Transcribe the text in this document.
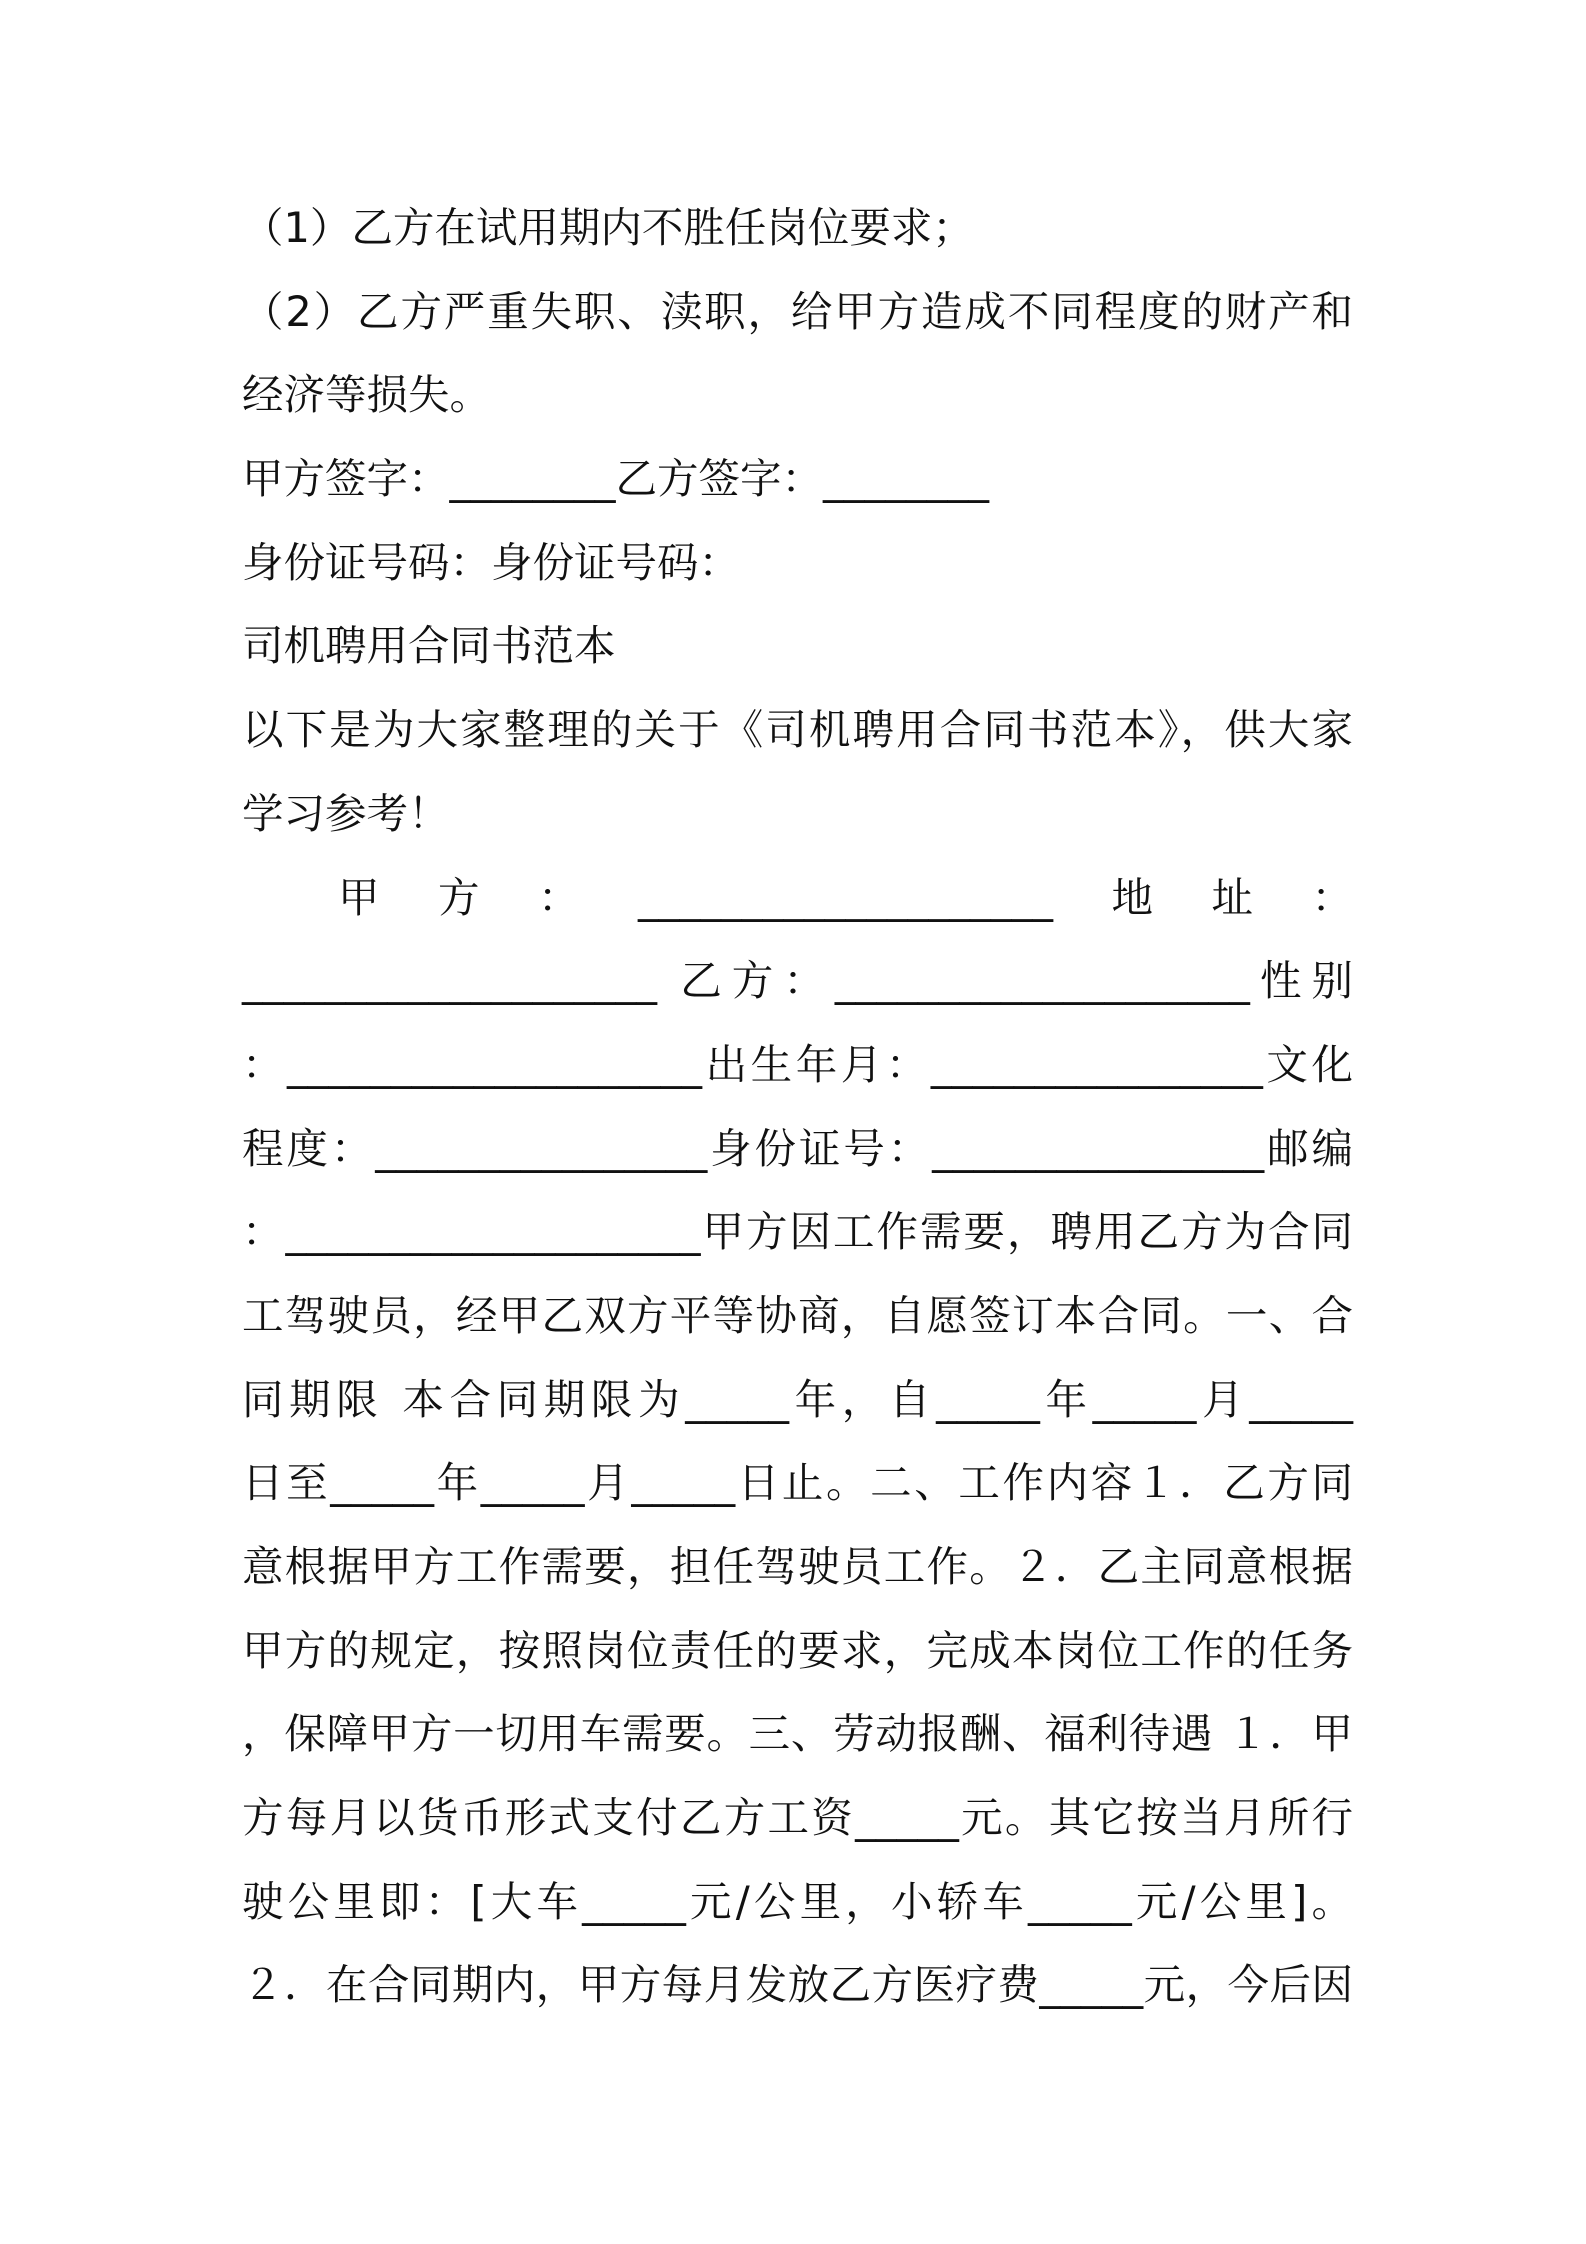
（1）乙方在试用期内不胜任岗位要求；
（2）乙方严重失职、渎职，给甲方造成不同程度的财产和
经济等损失。
甲方签字：________乙方签字：________
身份证号码：身份证号码：
司机聘用合同书范本
以下是为大家整理的关于《司机聘用合同书范本》，供大家
学习参考！
甲方：____________________地址：
____________________ 乙方：____________________性别
：____________________出生年月：________________文化
程度：________________身份证号：________________邮编
：____________________甲方因工作需要，聘用乙方为合同
工驾驶员，经甲乙双方平等协商，自愿签订本合同。一、合
同期限 本合同期限为_____年，自_____年_____月_____
日至_____年_____月_____日止。二、工作内容１．乙方同
意根据甲方工作需要，担任驾驶员工作。２．乙主同意根据
甲方的规定，按照岗位责任的要求，完成本岗位工作的任务
，保障甲方一切用车需要。三、劳动报酬、福利待遇 １．甲
方每月以货币形式支付乙方工资_____元。其它按当月所行
驶公里即：[大车_____元/公里，小轿车_____元/公里]。
２．在合同期内，甲方每月发放乙方医疗费_____元，今后因
